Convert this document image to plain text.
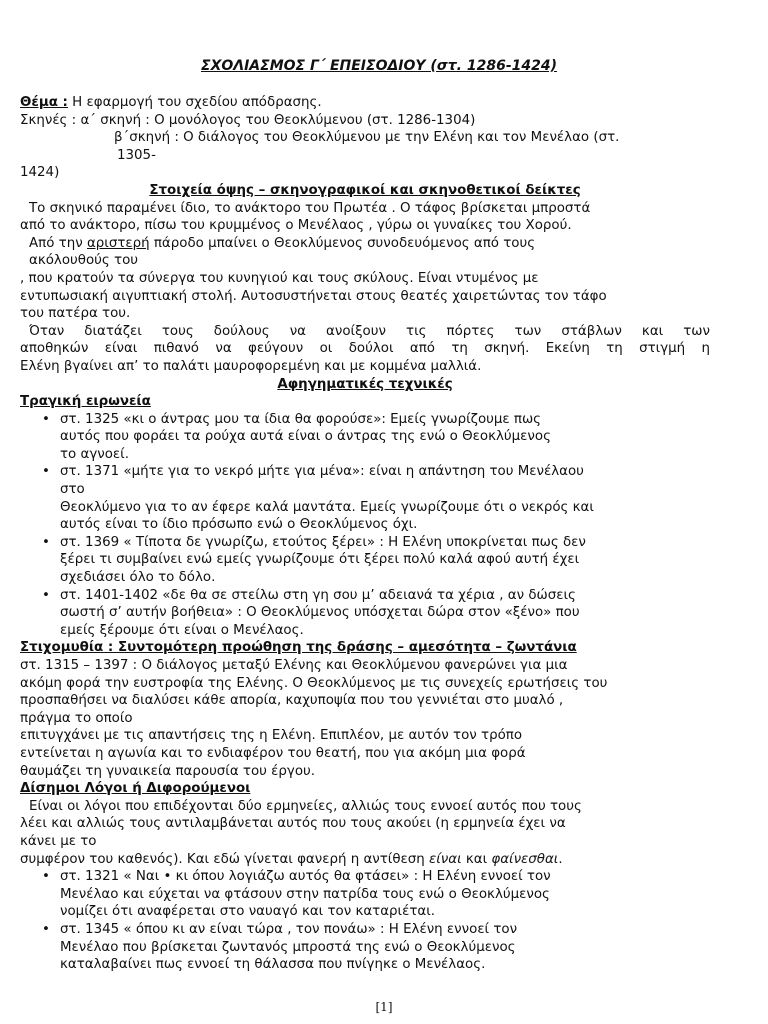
ΣΧΟΛΙΑΣΜΟΣ Γ΄ ΕΠΕΙΣΟΔΙΟΥ (στ. 1286-1424)
Θέμα : Η εφαρμογή του σχεδίου απόδρασης.
Σκηνές : α΄ σκηνή : Ο μονόλογος του Θεοκλύμενου (στ. 1286-1304)
β΄σκηνή : Ο διάλογος του Θεοκλύμενου με την Ελένη και τον Μενέλαο (στ.
1305-
1424)
Στοιχεία όψης – σκηνογραφικοί και σκηνοθετικοί δείκτες
Το σκηνικό παραμένει ίδιο, το ανάκτορο του Πρωτέα . Ο τάφος βρίσκεται μπροστά
από το ανάκτορο, πίσω του κρυμμένος ο Μενέλαος , γύρω οι γυναίκες του Χορού.
Από την αριστερή πάροδο μπαίνει ο Θεοκλύμενος συνοδευόμενος από τους
ακόλουθούς του
, που κρατούν τα σύνεργα του κυνηγιού και τους σκύλους. Είναι ντυμένος με
εντυπωσιακή αιγυπτιακή στολή. Αυτοσυστήνεται στους θεατές χαιρετώντας τον τάφο
του πατέρα του.
Όταν διατάζει τους δούλους να ανοίξουν τις πόρτες των στάβλων και των
αποθηκών είναι πιθανό να φεύγουν οι δούλοι από τη σκηνή. Εκείνη τη στιγμή η
Ελένη βγαίνει απ’ το παλάτι μαυροφορεμένη και με κομμένα μαλλιά.
Αφηγηματικές τεχνικές
Τραγική ειρωνεία
• στ. 1325 «κι ο άντρας μου τα ίδια θα φορούσε»: Εμείς γνωρίζουμε πως
αυτός που φοράει τα ρούχα αυτά είναι ο άντρας της ενώ ο Θεοκλύμενος
το αγνοεί.
• στ. 1371 «μήτε για το νεκρό μήτε για μένα»: είναι η απάντηση του Μενέλαου
στο
Θεοκλύμενο για το αν έφερε καλά μαντάτα. Εμείς γνωρίζουμε ότι ο νεκρός και
αυτός είναι το ίδιο πρόσωπο ενώ ο Θεοκλύμενος όχι.
• στ. 1369 « Τίποτα δε γνωρίζω, ετούτος ξέρει» : Η Ελένη υποκρίνεται πως δεν
ξέρει τι συμβαίνει ενώ εμείς γνωρίζουμε ότι ξέρει πολύ καλά αφού αυτή έχει
σχεδιάσει όλο το δόλο.
• στ. 1401-1402 «δε θα σε στείλω στη γη σου μ’ αδειανά τα χέρια , αν δώσεις
σωστή σ’ αυτήν βοήθεια» : Ο Θεοκλύμενος υπόσχεται δώρα στον «ξένο» που
εμείς ξέρουμε ότι είναι ο Μενέλαος.
Στιχομυθία : Συντομότερη προώθηση της δράσης – αμεσότητα – ζωντάνια
στ. 1315 – 1397 : Ο διάλογος μεταξύ Ελένης και Θεοκλύμενου φανερώνει για μια
ακόμη φορά την ευστροφία της Ελένης. Ο Θεοκλύμενος με τις συνεχείς ερωτήσεις του
προσπαθήσει να διαλύσει κάθε απορία, καχυποψία που του γεννιέται στο μυαλό ,
πράγμα το οποίο
επιτυγχάνει με τις απαντήσεις της η Ελένη. Επιπλέον, με αυτόν τον τρόπο
εντείνεται η αγωνία και το ενδιαφέρον του θεατή, που για ακόμη μια φορά
θαυμάζει τη γυναικεία παρουσία του έργου.
Δίσημοι Λόγοι ή Διφορούμενοι
Είναι οι λόγοι που επιδέχονται δύο ερμηνείες, αλλιώς τους εννοεί αυτός που τους
λέει και αλλιώς τους αντιλαμβάνεται αυτός που τους ακούει (η ερμηνεία έχει να
κάνει με το
συμφέρον του καθενός). Και εδώ γίνεται φανερή η αντίθεση είναι και φαίνεσθαι.
• στ. 1321 « Ναι • κι όπου λογιάζω αυτός θα φτάσει» : Η Ελένη εννοεί τον
Μενέλαο και εύχεται να φτάσουν στην πατρίδα τους ενώ ο Θεοκλύμενος
νομίζει ότι αναφέρεται στο ναυαγό και τον καταριέται.
• στ. 1345 « όπου κι αν είναι τώρα , τον πονάω» : Η Ελένη εννοεί τον
Μενέλαο που βρίσκεται ζωντανός μπροστά της ενώ ο Θεοκλύμενος
καταλαβαίνει πως εννοεί τη θάλασσα που πνίγηκε ο Μενέλαος.
[1]
